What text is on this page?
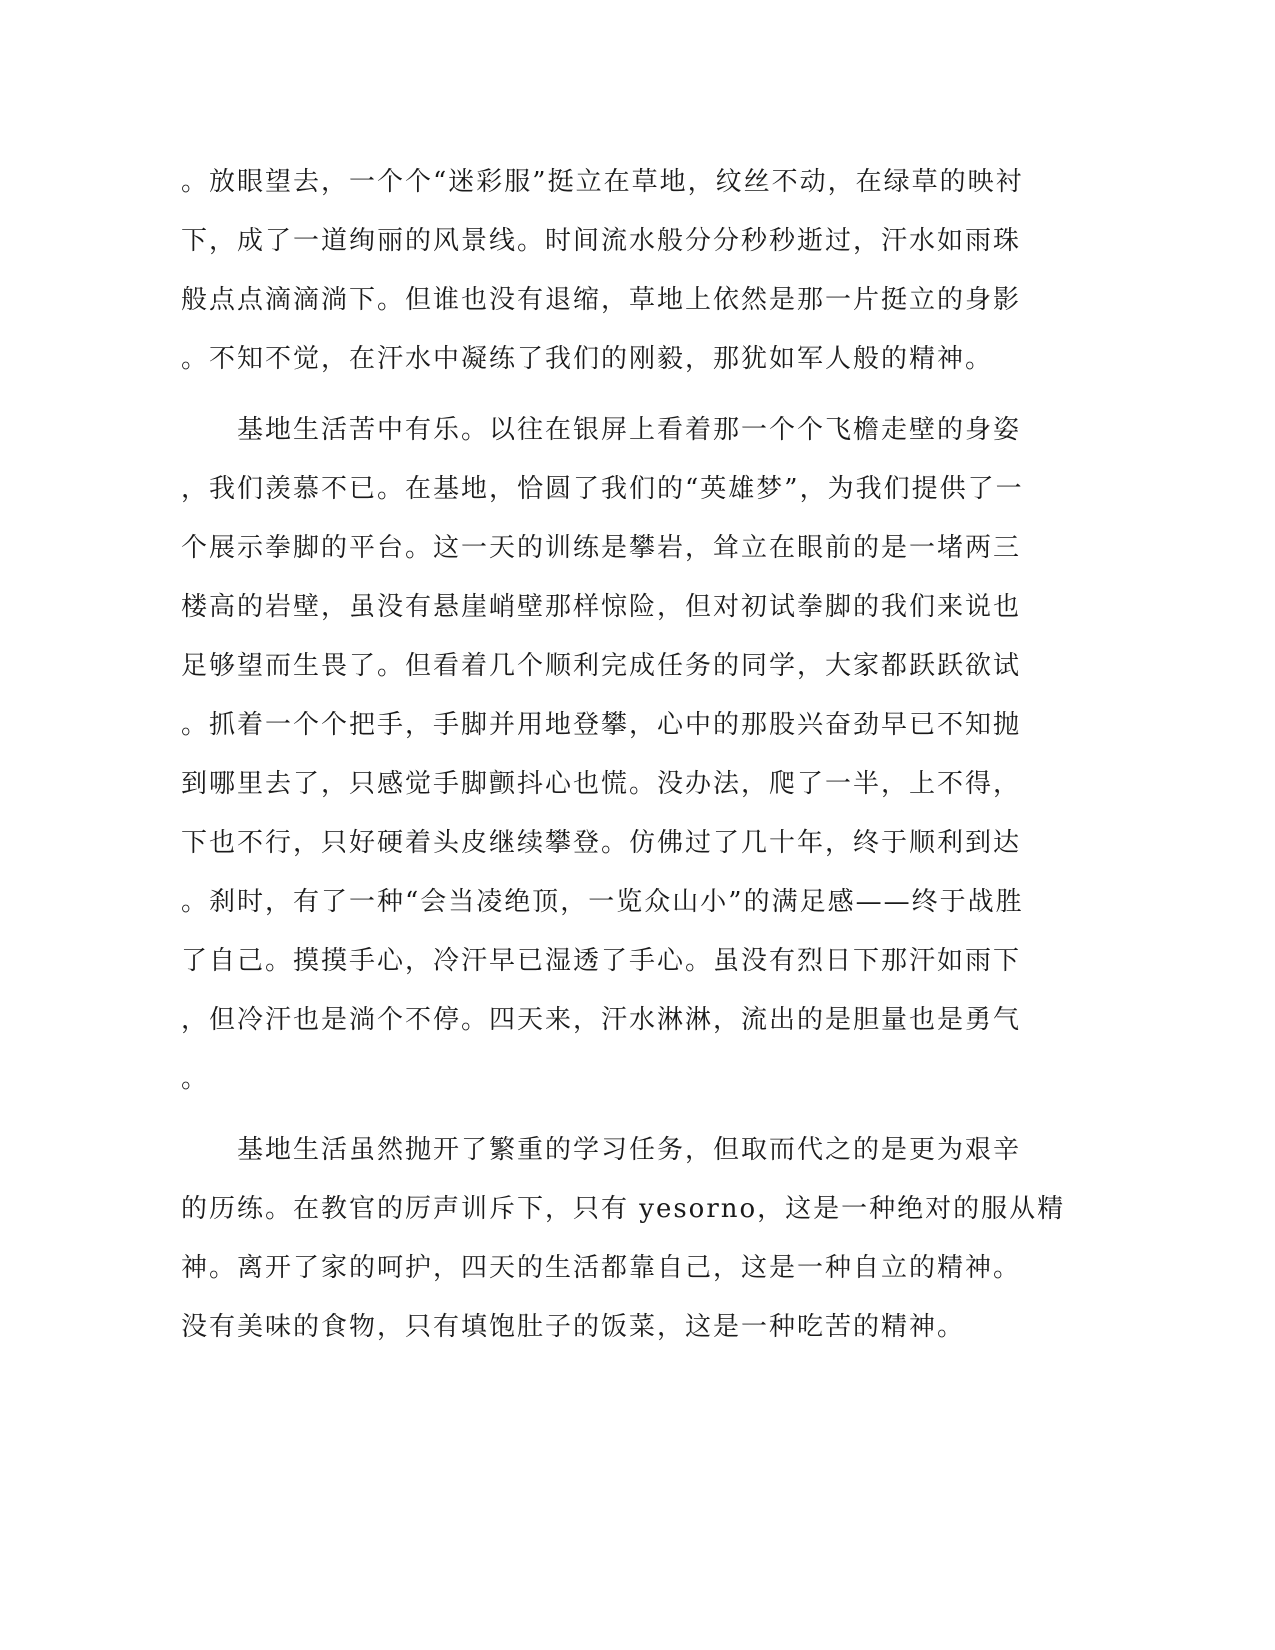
。放眼望去，一个个“迷彩服”挺立在草地，纹丝不动，在绿草的映衬
下，成了一道绚丽的风景线。时间流水般分分秒秒逝过，汗水如雨珠
般点点滴滴淌下。但谁也没有退缩，草地上依然是那一片挺立的身影
。不知不觉，在汗水中凝练了我们的刚毅，那犹如军人般的精神。
　　基地生活苦中有乐。以往在银屏上看着那一个个飞檐走壁的身姿
，我们羡慕不已。在基地，恰圆了我们的“英雄梦”，为我们提供了一
个展示拳脚的平台。这一天的训练是攀岩，耸立在眼前的是一堵两三
楼高的岩壁，虽没有悬崖峭壁那样惊险，但对初试拳脚的我们来说也
足够望而生畏了。但看着几个顺利完成任务的同学，大家都跃跃欲试
。抓着一个个把手，手脚并用地登攀，心中的那股兴奋劲早已不知抛
到哪里去了，只感觉手脚颤抖心也慌。没办法，爬了一半，上不得，
下也不行，只好硬着头皮继续攀登。仿佛过了几十年，终于顺利到达
。刹时，有了一种“会当凌绝顶，一览众山小”的满足感——终于战胜
了自己。摸摸手心，冷汗早已湿透了手心。虽没有烈日下那汗如雨下
，但冷汗也是淌个不停。四天来，汗水淋淋，流出的是胆量也是勇气
。
　　基地生活虽然抛开了繁重的学习任务，但取而代之的是更为艰辛
的历练。在教官的厉声训斥下，只有 yesorno，这是一种绝对的服从精
神。离开了家的呵护，四天的生活都靠自己，这是一种自立的精神。
没有美味的食物，只有填饱肚子的饭菜，这是一种吃苦的精神。
